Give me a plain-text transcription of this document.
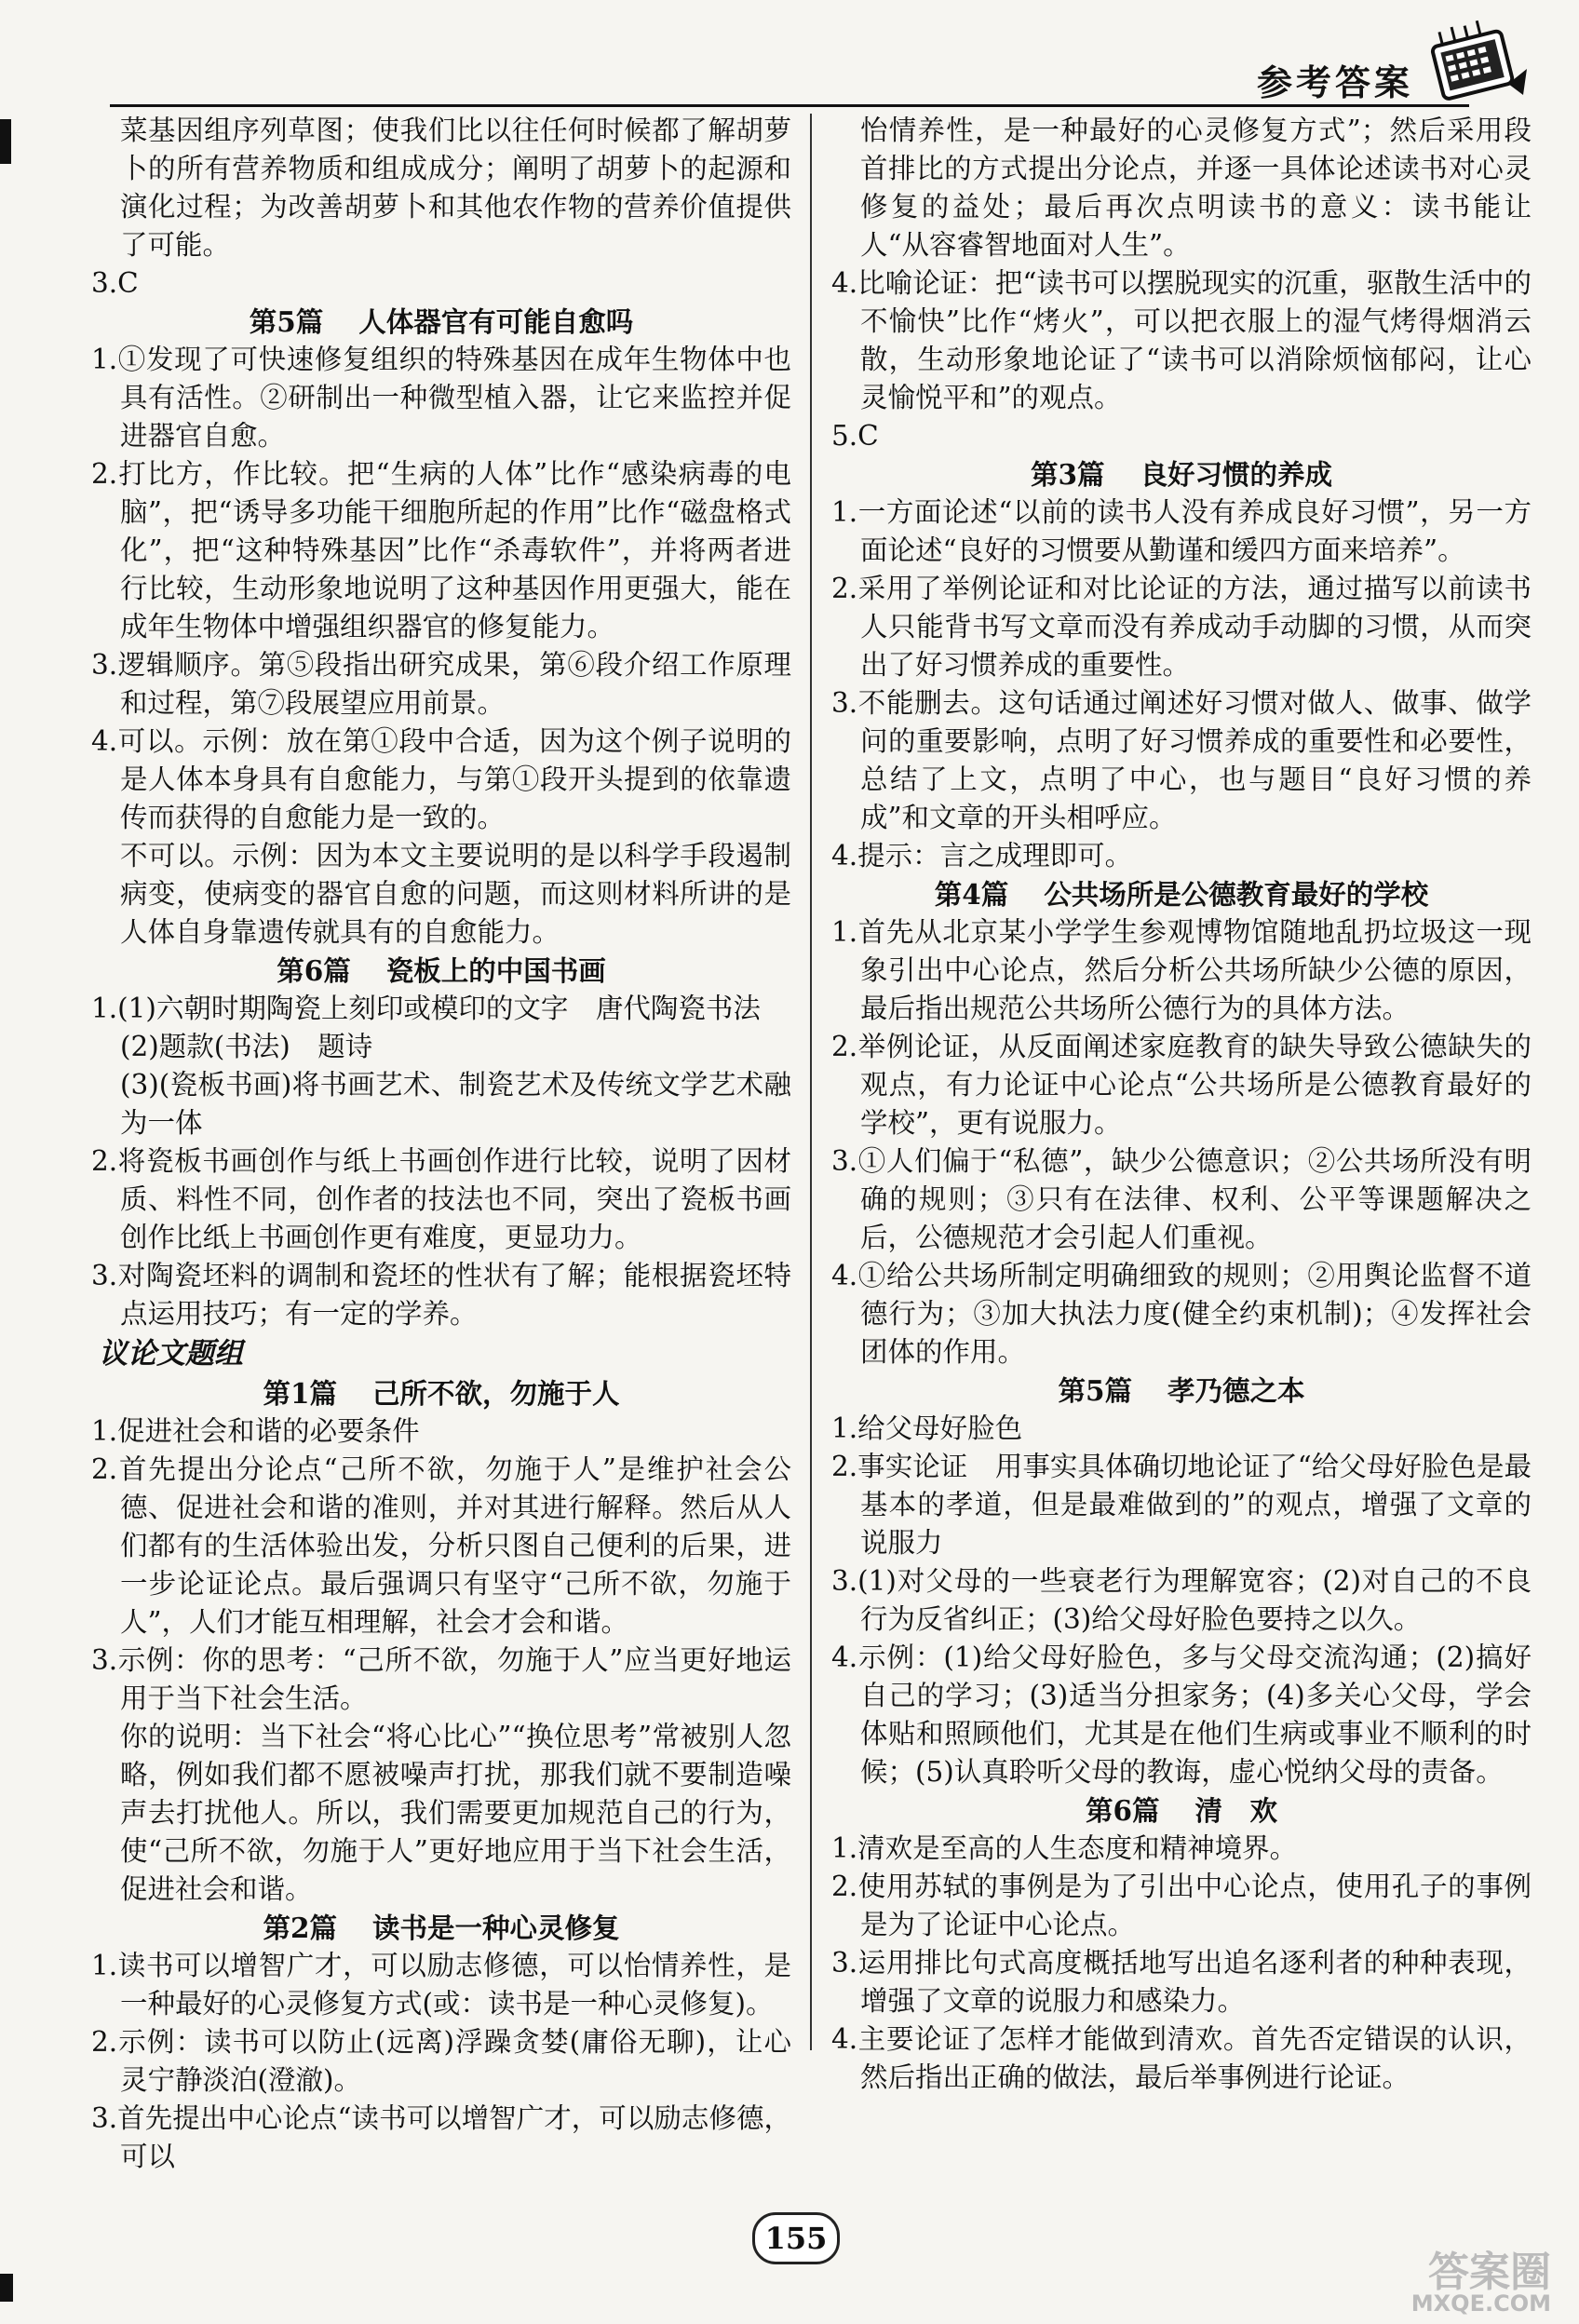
参考答案
菜基因组序列草图；使我们比以往任何时候都了解胡萝卜的所有营养物质和组成成分；阐明了胡萝卜的起源和演化过程；为改善胡萝卜和其他农作物的营养价值提供了可能。
3.C
第5篇 人体器官有可能自愈吗
1.①发现了可快速修复组织的特殊基因在成年生物体中也具有活性。②研制出一种微型植入器，让它来监控并促进器官自愈。
2.打比方，作比较。把“生病的人体”比作“感染病毒的电脑”，把“诱导多功能干细胞所起的作用”比作“磁盘格式化”，把“这种特殊基因”比作“杀毒软件”，并将两者进行比较，生动形象地说明了这种基因作用更强大，能在成年生物体中增强组织器官的修复能力。
3.逻辑顺序。第⑤段指出研究成果，第⑥段介绍工作原理和过程，第⑦段展望应用前景。
4.可以。示例：放在第①段中合适，因为这个例子说明的是人体本身具有自愈能力，与第①段开头提到的依靠遗传而获得的自愈能力是一致的。
不可以。示例：因为本文主要说明的是以科学手段遏制病变，使病变的器官自愈的问题，而这则材料所讲的是人体自身靠遗传就具有的自愈能力。
第6篇 瓷板上的中国书画
1.(1)六朝时期陶瓷上刻印或模印的文字　唐代陶瓷书法
(2)题款(书法)　题诗
(3)(瓷板书画)将书画艺术、制瓷艺术及传统文学艺术融为一体
2.将瓷板书画创作与纸上书画创作进行比较，说明了因材质、料性不同，创作者的技法也不同，突出了瓷板书画创作比纸上书画创作更有难度，更显功力。
3.对陶瓷坯料的调制和瓷坯的性状有了解；能根据瓷坯特点运用技巧；有一定的学养。
议论文题组
第1篇 己所不欲，勿施于人
1.促进社会和谐的必要条件
2.首先提出分论点“己所不欲，勿施于人”是维护社会公德、促进社会和谐的准则，并对其进行解释。然后从人们都有的生活体验出发，分析只图自己便利的后果，进一步论证论点。最后强调只有坚守“己所不欲，勿施于人”，人们才能互相理解，社会才会和谐。
3.示例：你的思考：“己所不欲，勿施于人”应当更好地运用于当下社会生活。
你的说明：当下社会“将心比心”“换位思考”常被别人忽略，例如我们都不愿被噪声打扰，那我们就不要制造噪声去打扰他人。所以，我们需要更加规范自己的行为，使“己所不欲，勿施于人”更好地应用于当下社会生活，促进社会和谐。
第2篇 读书是一种心灵修复
1.读书可以增智广才，可以励志修德，可以怡情养性，是一种最好的心灵修复方式(或：读书是一种心灵修复)。
2.示例：读书可以防止(远离)浮躁贪婪(庸俗无聊)，让心灵宁静淡泊(澄澈)。
3.首先提出中心论点“读书可以增智广才，可以励志修德，可以
怡情养性，是一种最好的心灵修复方式”；然后采用段首排比的方式提出分论点，并逐一具体论述读书对心灵修复的益处；最后再次点明读书的意义：读书能让人“从容睿智地面对人生”。
4.比喻论证：把“读书可以摆脱现实的沉重，驱散生活中的不愉快”比作“烤火”，可以把衣服上的湿气烤得烟消云散，生动形象地论证了“读书可以消除烦恼郁闷，让心灵愉悦平和”的观点。
5.C
第3篇 良好习惯的养成
1.一方面论述“以前的读书人没有养成良好习惯”，另一方面论述“良好的习惯要从勤谨和缓四方面来培养”。
2.采用了举例论证和对比论证的方法，通过描写以前读书人只能背书写文章而没有养成动手动脚的习惯，从而突出了好习惯养成的重要性。
3.不能删去。这句话通过阐述好习惯对做人、做事、做学问的重要影响，点明了好习惯养成的重要性和必要性，总结了上文，点明了中心，也与题目“良好习惯的养成”和文章的开头相呼应。
4.提示：言之成理即可。
第4篇 公共场所是公德教育最好的学校
1.首先从北京某小学学生参观博物馆随地乱扔垃圾这一现象引出中心论点，然后分析公共场所缺少公德的原因，最后指出规范公共场所公德行为的具体方法。
2.举例论证，从反面阐述家庭教育的缺失导致公德缺失的观点，有力论证中心论点“公共场所是公德教育最好的学校”，更有说服力。
3.①人们偏于“私德”，缺少公德意识；②公共场所没有明确的规则；③只有在法律、权利、公平等课题解决之后，公德规范才会引起人们重视。
4.①给公共场所制定明确细致的规则；②用舆论监督不道德行为；③加大执法力度(健全约束机制)；④发挥社会团体的作用。
第5篇 孝乃德之本
1.给父母好脸色
2.事实论证　用事实具体确切地论证了“给父母好脸色是最基本的孝道，但是最难做到的”的观点，增强了文章的说服力
3.(1)对父母的一些衰老行为理解宽容；(2)对自己的不良行为反省纠正；(3)给父母好脸色要持之以久。
4.示例：(1)给父母好脸色，多与父母交流沟通；(2)搞好自己的学习；(3)适当分担家务；(4)多关心父母，学会体贴和照顾他们，尤其是在他们生病或事业不顺利的时候；(5)认真聆听父母的教诲，虚心悦纳父母的责备。
第6篇 清　欢
1.清欢是至高的人生态度和精神境界。
2.使用苏轼的事例是为了引出中心论点，使用孔子的事例是为了论证中心论点。
3.运用排比句式高度概括地写出追名逐利者的种种表现，增强了文章的说服力和感染力。
4.主要论证了怎样才能做到清欢。首先否定错误的认识，然后指出正确的做法，最后举事例进行论证。
155
答案圈
MXQE.COM
